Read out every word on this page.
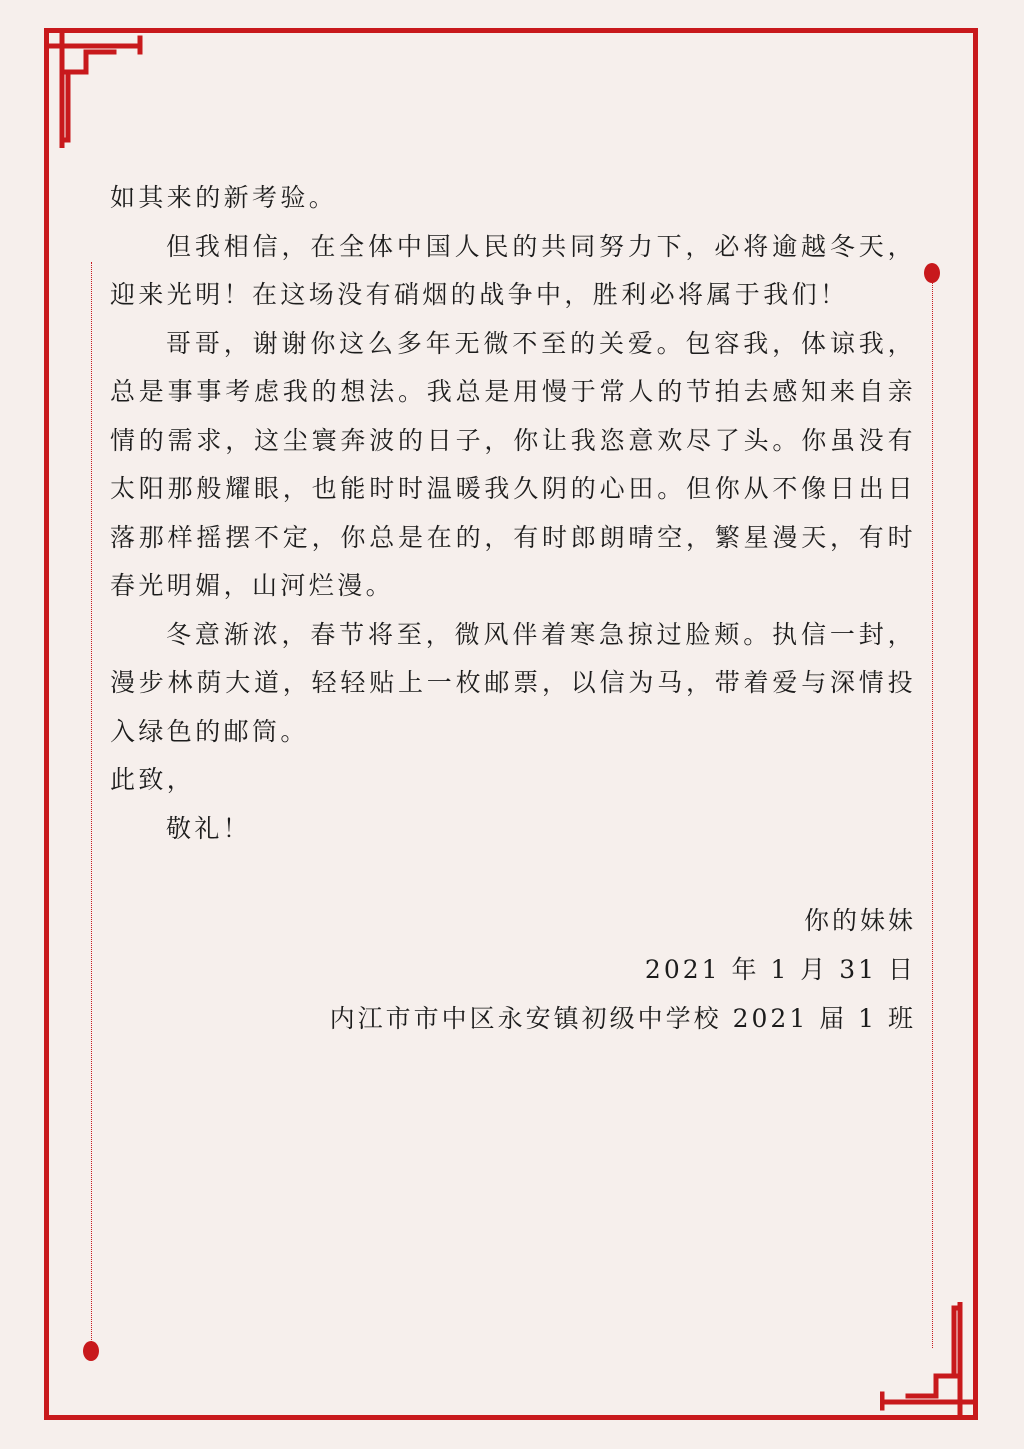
如其来的新考验。

但我相信，在全体中国人民的共同努力下，必将逾越冬天，迎来光明！在这场没有硝烟的战争中，胜利必将属于我们！

哥哥，谢谢你这么多年无微不至的关爱。包容我，体谅我，总是事事考虑我的想法。我总是用慢于常人的节拍去感知来自亲情的需求，这尘寰奔波的日子，你让我恣意欢尽了头。你虽没有太阳那般耀眼，也能时时温暖我久阴的心田。但你从不像日出日落那样摇摆不定，你总是在的，有时郎朗晴空，繁星漫天，有时春光明媚，山河烂漫。

冬意渐浓，春节将至，微风伴着寒急掠过脸颊。执信一封，漫步林荫大道，轻轻贴上一枚邮票，以信为马，带着爱与深情投入绿色的邮筒。

此致，

敬礼！

你的妹妹

2021 年 1 月 31 日

内江市市中区永安镇初级中学校 2021 届 1 班
